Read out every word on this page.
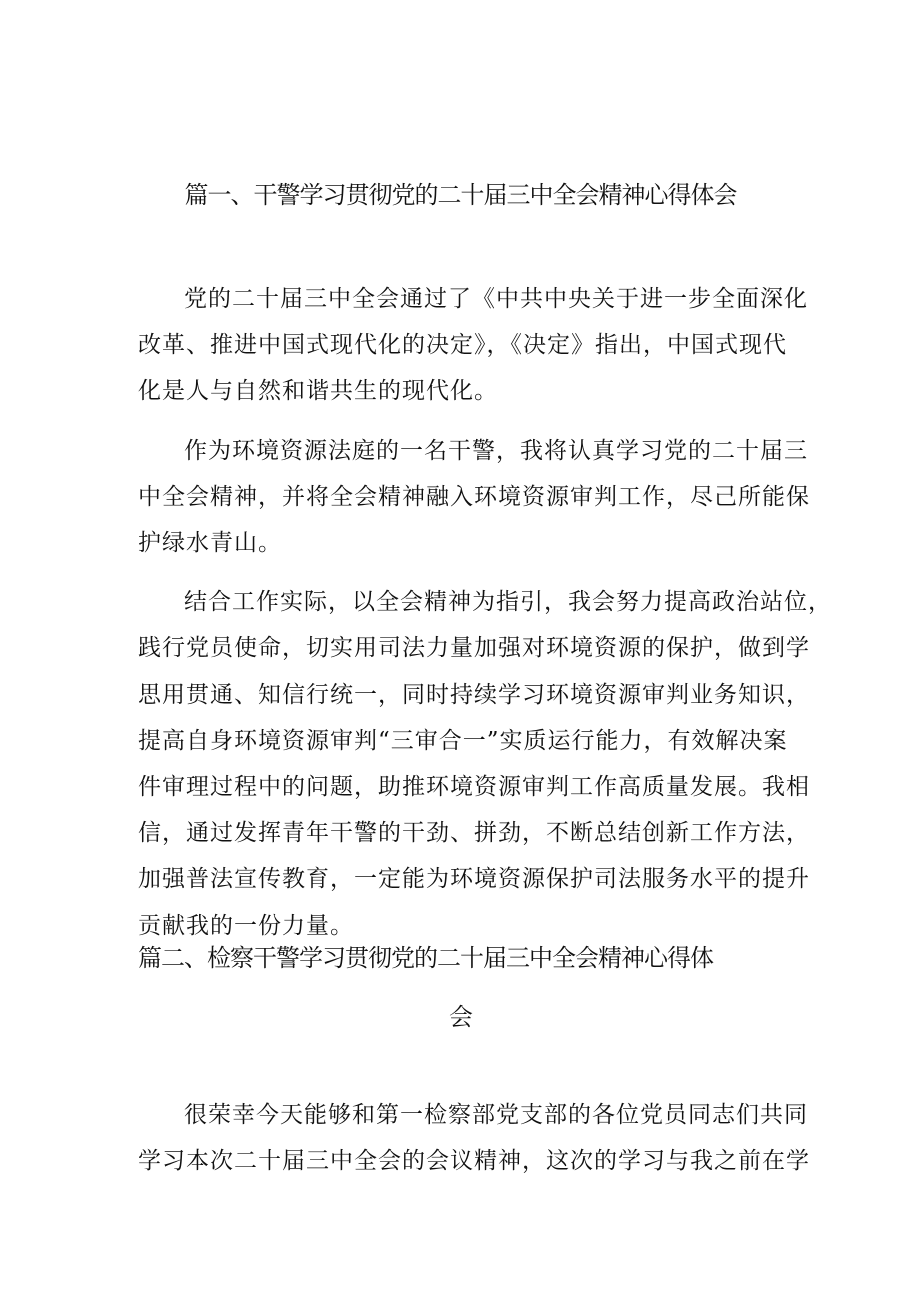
篇一、干警学习贯彻党的二十届三中全会精神心得体会

党的二十届三中全会通过了《中共中央关于进一步全面深化
改革、推进中国式现代化的决定》，《决定》指出，中国式现代
化是人与自然和谐共生的现代化。

作为环境资源法庭的一名干警，我将认真学习党的二十届三
中全会精神，并将全会精神融入环境资源审判工作，尽己所能保
护绿水青山。

结合工作实际，以全会精神为指引，我会努力提高政治站位，
践行党员使命，切实用司法力量加强对环境资源的保护，做到学
思用贯通、知信行统一，同时持续学习环境资源审判业务知识，
提高自身环境资源审判“三审合一”实质运行能力，有效解决案
件审理过程中的问题，助推环境资源审判工作高质量发展。我相
信，通过发挥青年干警的干劲、拼劲，不断总结创新工作方法，
加强普法宣传教育，一定能为环境资源保护司法服务水平的提升
贡献我的一份力量。

篇二、检察干警学习贯彻党的二十届三中全会精神心得体
会

很荣幸今天能够和第一检察部党支部的各位党员同志们共同
学习本次二十届三中全会的会议精神，这次的学习与我之前在学
